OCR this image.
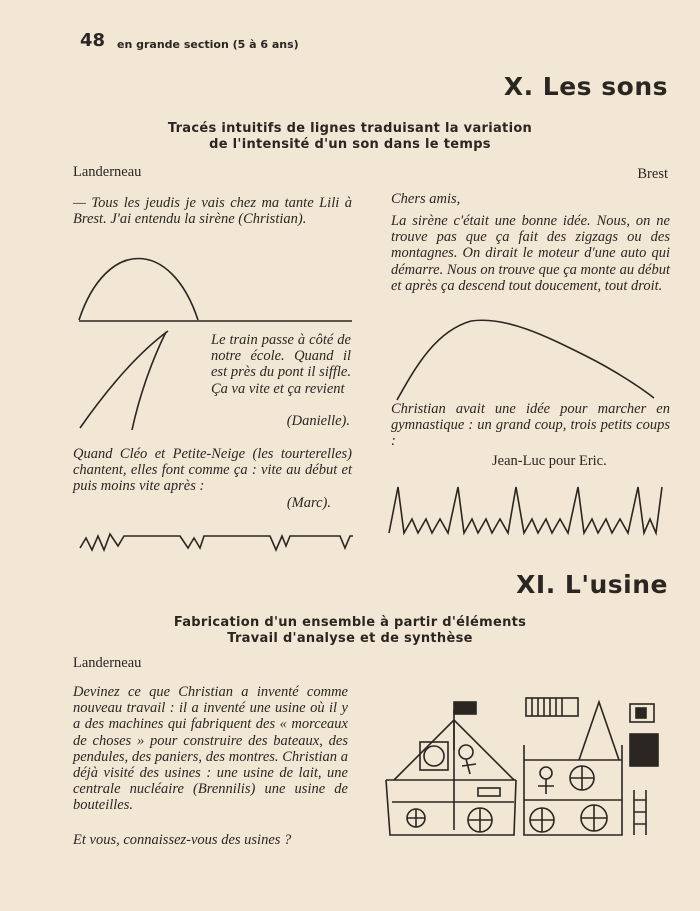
48 en grande section (5 à 6 ans)
X. Les sons
Tracés intuitifs de lignes traduisant la variation
de l'intensité d'un son dans le temps
Landerneau	Brest
— Tous les jeudis je vais chez ma tante Lili à Brest. J'ai entendu la sirène (Christian).
Le train passe à côté de notre école. Quand il est près du pont il siffle. Ça va vite et ça revient
(Danielle).
Quand Cléo et Petite-Neige (les tourterelles) chantent, elles font comme ça : vite au début et puis moins vite après :
(Marc).
Chers amis,
La sirène c'était une bonne idée. Nous, on ne trouve pas que ça fait des zigzags ou des montagnes. On dirait le moteur d'une auto qui démarre. Nous on trouve que ça monte au début et après ça descend tout doucement, tout droit.
Christian avait une idée pour marcher en gymnastique : un grand coup, trois petits coups :
Jean-Luc pour Eric.
XI. L'usine
Fabrication d'un ensemble à partir d'éléments
Travail d'analyse et de synthèse
Landerneau
Devinez ce que Christian a inventé comme nouveau travail : il a inventé une usine où il y a des machines qui fabriquent des « morceaux de choses » pour construire des bateaux, des pendules, des paniers, des montres. Christian a déjà visité des usines : une usine de lait, une centrale nucléaire (Brennilis) une usine de bouteilles.
Et vous, connaissez-vous des usines ?
